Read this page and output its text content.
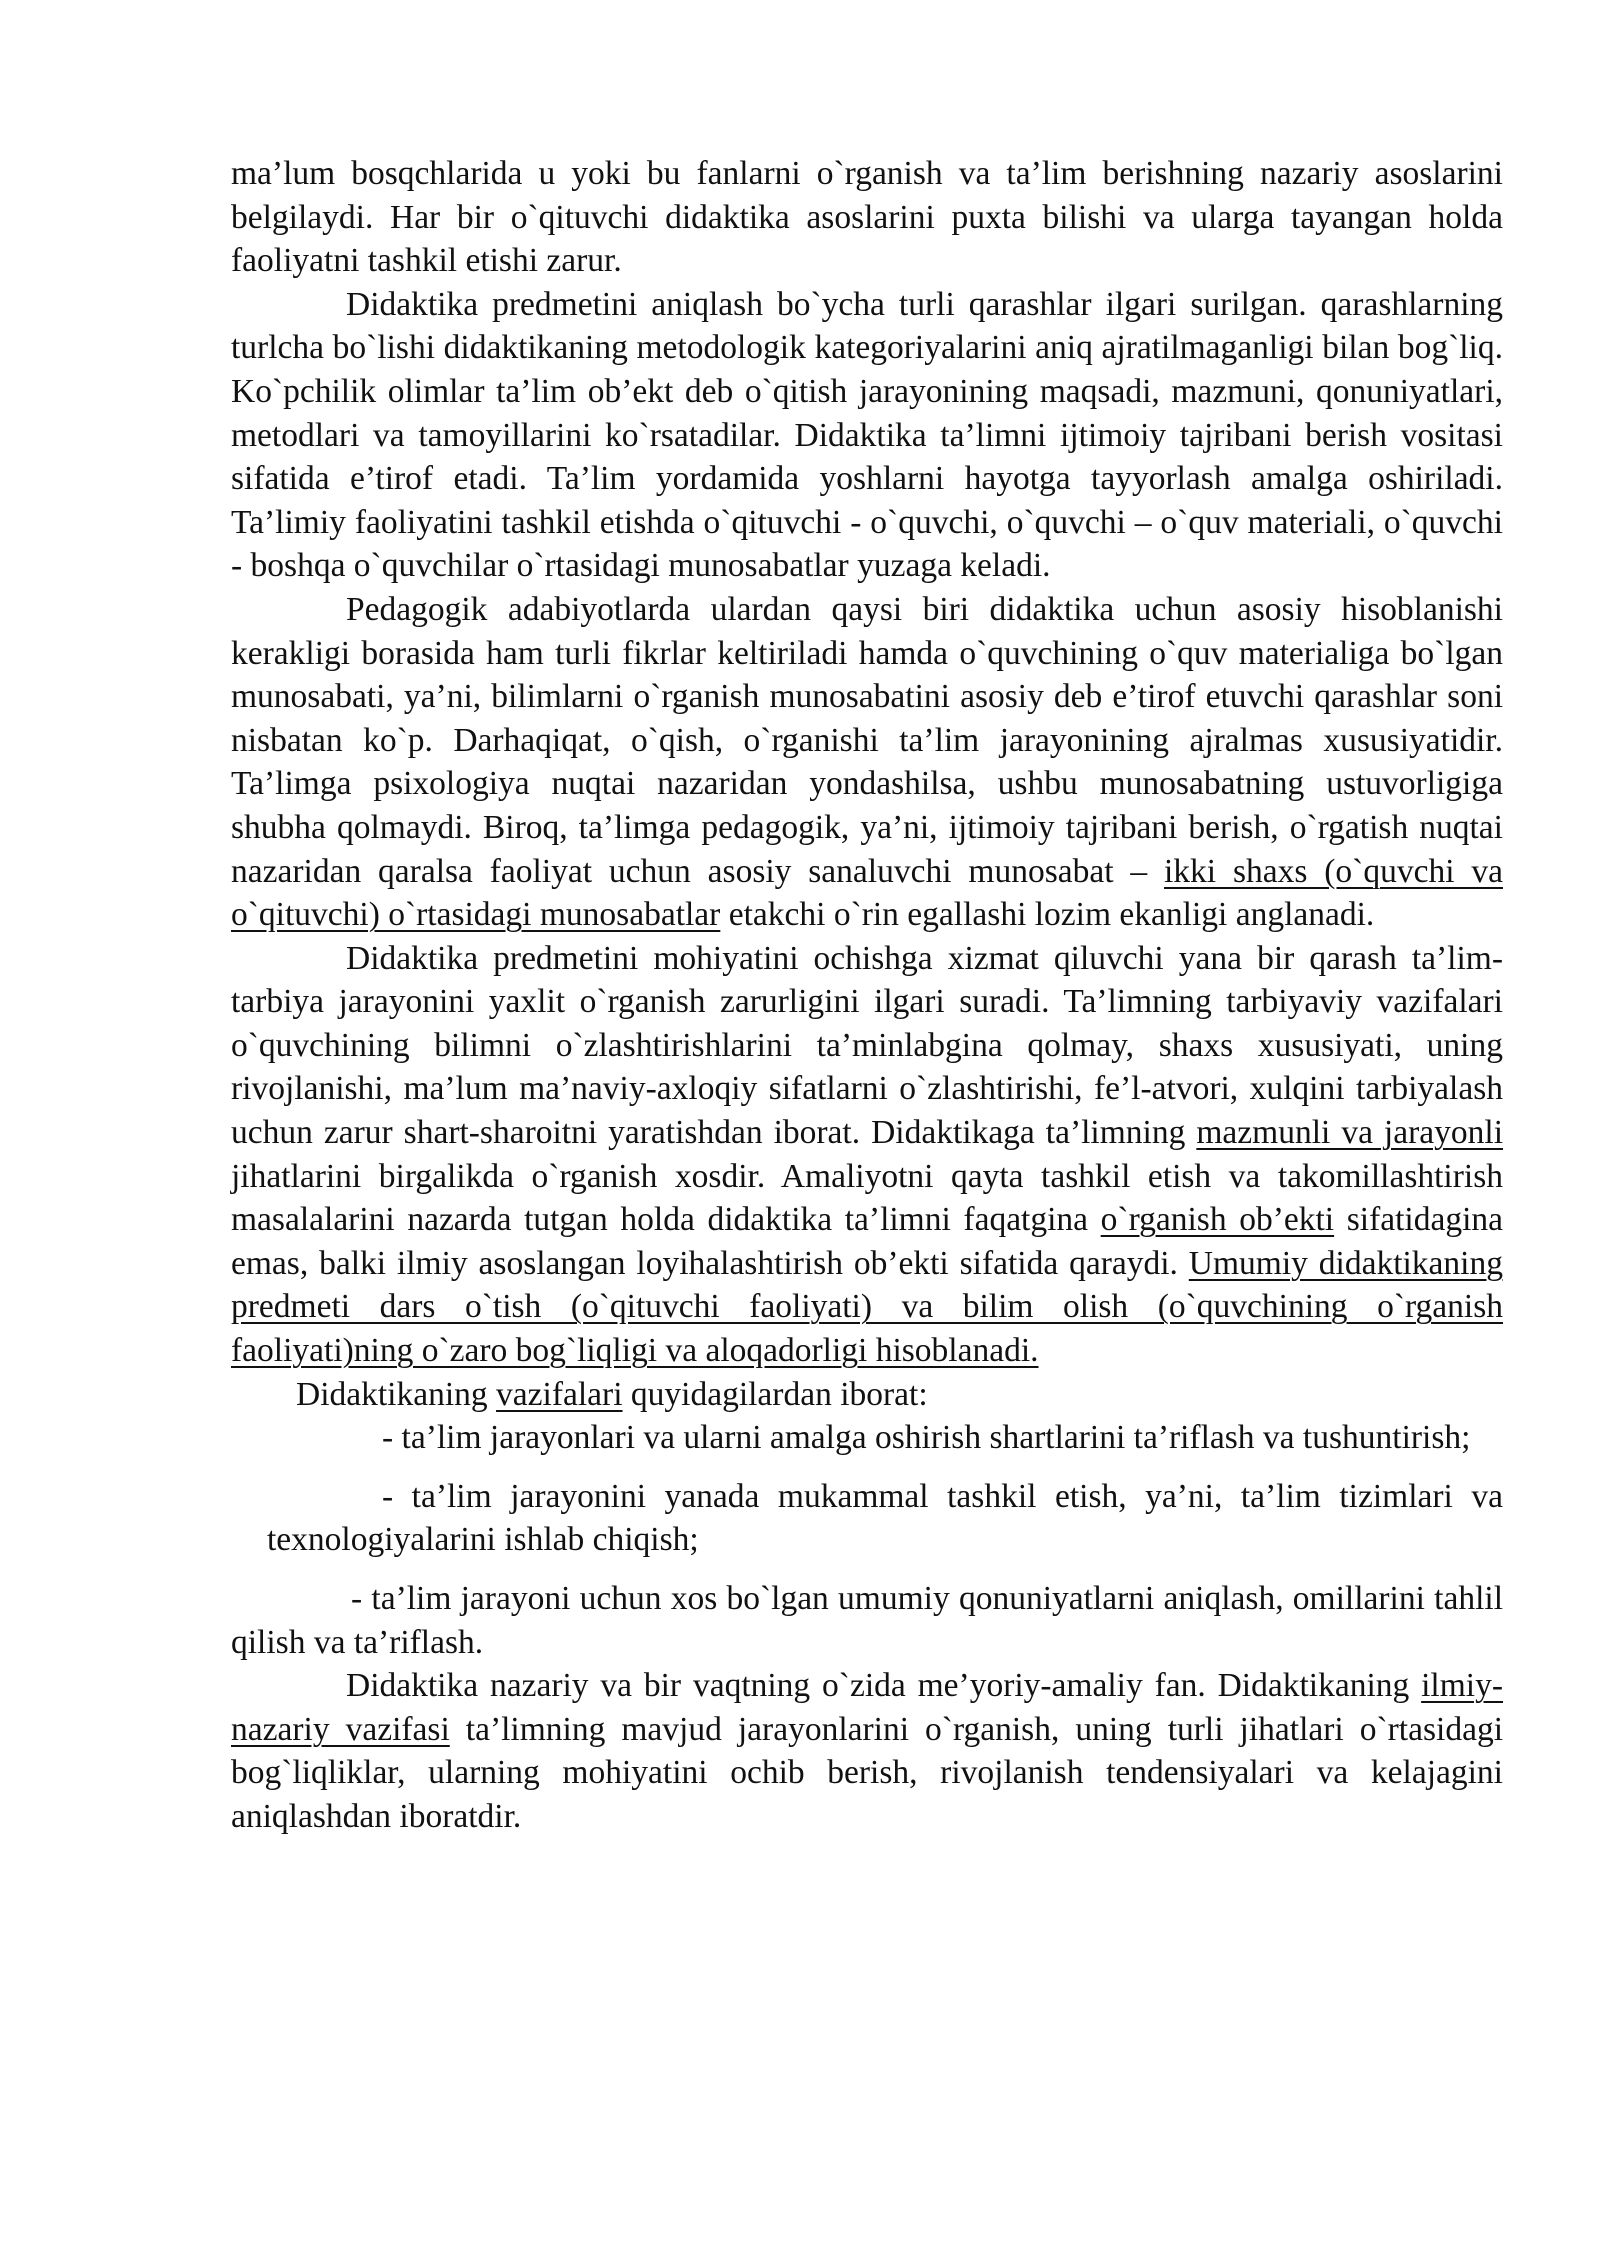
ma’lum bosqchlarida u yoki bu fanlarni o`rganish va ta’lim berishning nazariy asoslarini belgilaydi. Har bir o`qituvchi didaktika asoslarini puxta bilishi va ularga tayangan holda faoliyatni tashkil etishi zarur.

Didaktika predmetini aniqlash bo`ycha turli qarashlar ilgari surilgan. qarashlarning turlcha bo`lishi didaktikaning metodologik kategoriyalarini aniq ajratilmaganligi bilan bog`liq. Ko`pchilik olimlar ta’lim ob’ekt deb o`qitish jarayonining maqsadi, mazmuni, qonuniyatlari, metodlari va tamoyillarini ko`rsatadilar. Didaktika ta’limni ijtimoiy tajribani berish vositasi sifatida e’tirof etadi. Ta’lim yordamida yoshlarni hayotga tayyorlash amalga oshiriladi. Ta’limiy faoliyatini tashkil etishda o`qituvchi - o`quvchi, o`quvchi – o`quv materiali, o`quvchi - boshqa o`quvchilar o`rtasidagi munosabatlar yuzaga keladi.

Pedagogik adabiyotlarda ulardan qaysi biri didaktika uchun asosiy hisoblanishi kerakligi borasida ham turli fikrlar keltiriladi hamda o`quvchining o`quv materialiga bo`lgan munosabati, ya’ni, bilimlarni o`rganish munosabatini asosiy deb e’tirof etuvchi qarashlar soni nisbatan ko`p. Darhaqiqat, o`qish, o`rganishi ta’lim jarayonining ajralmas xususiyatidir. Ta’limga psixologiya nuqtai nazaridan yondashilsa, ushbu munosabatning ustuvorligiga shubha qolmaydi. Biroq, ta’limga pedagogik, ya’ni, ijtimoiy tajribani berish, o`rgatish nuqtai nazaridan qaralsa faoliyat uchun asosiy sanaluvchi munosabat – ikki shaxs (o`quvchi va o`qituvchi) o`rtasidagi munosabatlar etakchi o`rin egallashi lozim ekanligi anglanadi.

Didaktika predmetini mohiyatini ochishga xizmat qiluvchi yana bir qarash ta’lim-tarbiya jarayonini yaxlit o`rganish zarurligini ilgari suradi. Ta’limning tarbiyaviy vazifalari o`quvchining bilimni o`zlashtirishlarini ta’minlabgina qolmay, shaxs xususiyati, uning rivojlanishi, ma’lum ma’naviy-axloqiy sifatlarni o`zlashtirishi, fe’l-atvori, xulqini tarbiyalash uchun zarur shart-sharoitni yaratishdan iborat. Didaktikaga ta’limning mazmunli va jarayonli jihatlarini birgalikda o`rganish xosdir. Amaliyotni qayta tashkil etish va takomillashtirish masalalarini nazarda tutgan holda didaktika ta’limni faqatgina o`rganish ob’ekti sifatidagina emas, balki ilmiy asoslangan loyihalashtirish ob’ekti sifatida qaraydi. Umumiy didaktikaning predmeti dars o`tish (o`qituvchi faoliyati) va bilim olish (o`quvchining o`rganish faoliyati)ning o`zaro bog`liqligi va aloqadorligi hisoblanadi.

Didaktikaning vazifalari quyidagilardan iborat:

- ta’lim jarayonlari va ularni amalga oshirish shartlarini ta’riflash va tushuntirish;

- ta’lim jarayonini yanada mukammal tashkil etish, ya’ni, ta’lim tizimlari va texnologiyalarini ishlab chiqish;

- ta’lim jarayoni uchun xos bo`lgan umumiy qonuniyatlarni aniqlash, omillarini tahlil qilish va ta’riflash.

Didaktika nazariy va bir vaqtning o`zida me’yoriy-amaliy fan. Didaktikaning ilmiy-nazariy vazifasi ta’limning mavjud jarayonlarini o`rganish, uning turli jihatlari o`rtasidagi bog`liqliklar, ularning mohiyatini ochib berish, rivojlanish tendensiyalari va kelajagini aniqlashdan iboratdir.
